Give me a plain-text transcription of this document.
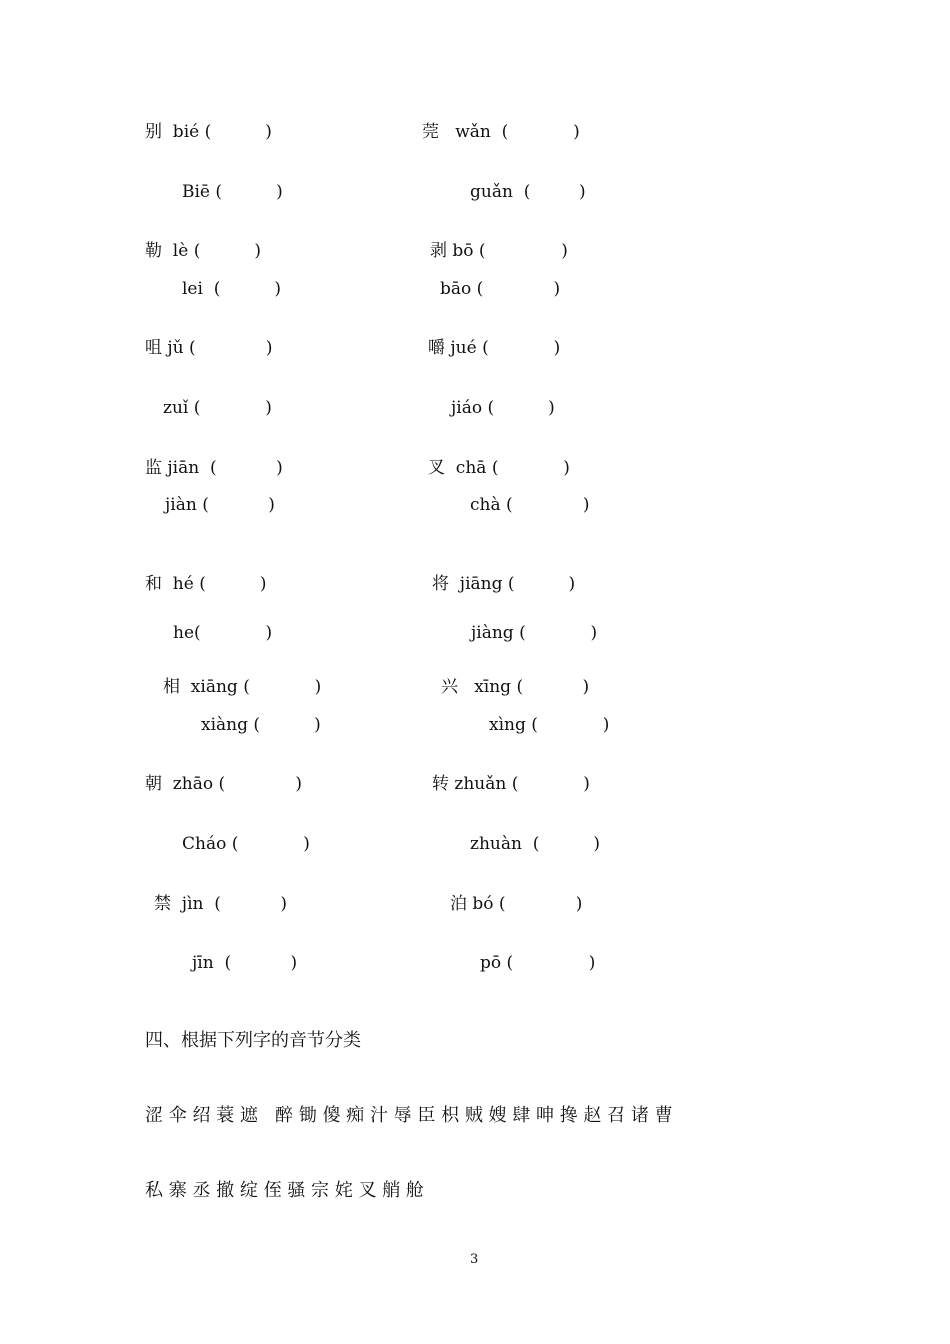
别  bié (          )	莞   wǎn  (            )
Biē (          )	guǎn  (         )
勒  lè (          )	剥 bō (              )
lei  (          )	bāo (             )
咀 jǔ (             )	嚼 jué (            )
zuǐ (            )	jiáo (          )
监 jiān  (           )	叉  chā (            )
jiàn (           )	chà (             )
和  hé (          )	将  jiāng (          )
he(            )	jiàng (            )
相  xiāng (            )	兴   xīng (           )
xiàng (          )	xìng (            )
朝  zhāo (             )	转 zhuǎn (            )
Cháo (            )	zhuàn  (          )
禁  jìn  (           )	泊 bó (             )
jīn  (           )	pō (              )
四、根据下列字的音节分类
涩 伞 绍 蓑 遮   醉 锄 傻 痴 汁 辱 臣 枳 贼 嫂 肆 呻 搀 赵 召 诸 曹
私 寨 丞 撤 绽 侄 骚 宗 姹 叉 艄 舱
3
